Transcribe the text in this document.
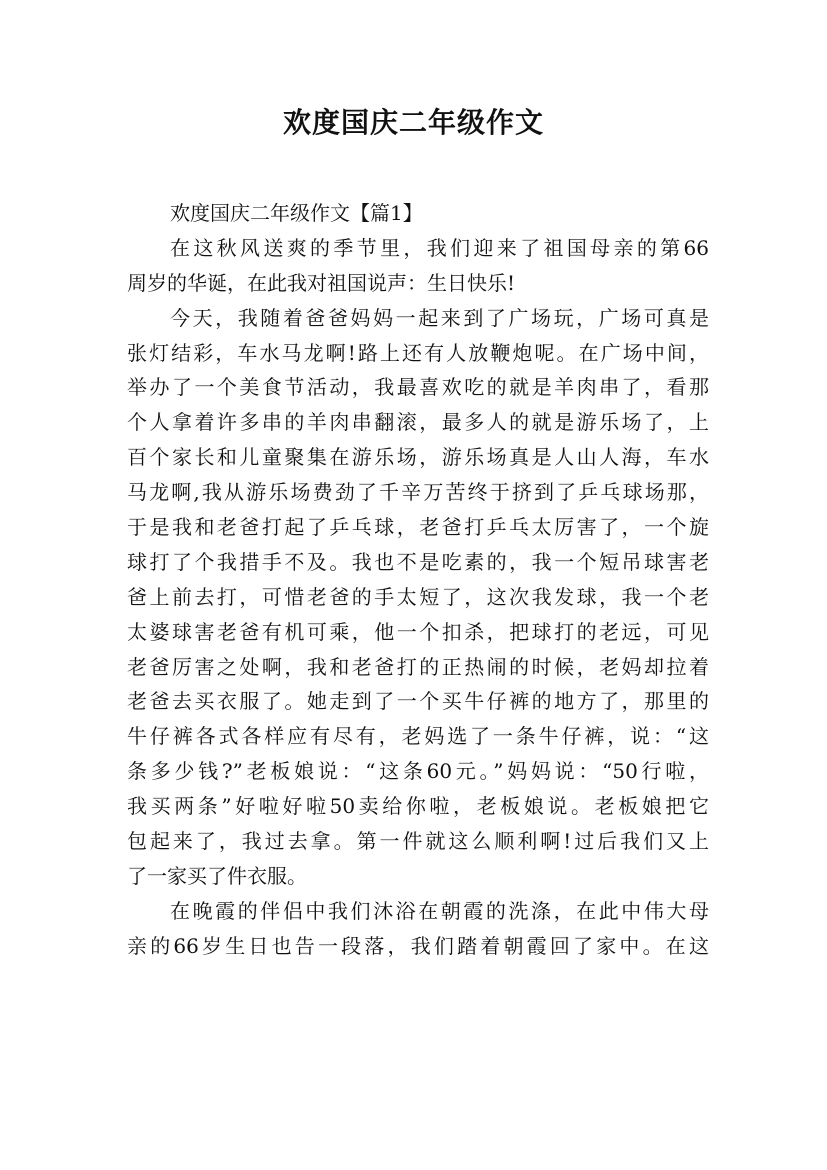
欢度国庆二年级作文
欢度国庆二年级作文【篇1】
在这秋风送爽的季节里，我们迎来了祖国母亲的第66
周岁的华诞，在此我对祖国说声：生日快乐!
今天，我随着爸爸妈妈一起来到了广场玩，广场可真是
张灯结彩，车水马龙啊!路上还有人放鞭炮呢。在广场中间，
举办了一个美食节活动，我最喜欢吃的就是羊肉串了，看那
个人拿着许多串的羊肉串翻滚，最多人的就是游乐场了，上
百个家长和儿童聚集在游乐场，游乐场真是人山人海，车水
马龙啊,我从游乐场费劲了千辛万苦终于挤到了乒乓球场那，
于是我和老爸打起了乒乓球，老爸打乒乓太厉害了，一个旋
球打了个我措手不及。我也不是吃素的，我一个短吊球害老
爸上前去打，可惜老爸的手太短了，这次我发球，我一个老
太婆球害老爸有机可乘，他一个扣杀，把球打的老远，可见
老爸厉害之处啊，我和老爸打的正热闹的时候，老妈却拉着
老爸去买衣服了。她走到了一个买牛仔裤的地方了，那里的
牛仔裤各式各样应有尽有，老妈选了一条牛仔裤，说：“这
条多少钱?”老板娘说：“这条60元。”妈妈说：“50行啦，
我买两条”好啦好啦50卖给你啦，老板娘说。老板娘把它
包起来了，我过去拿。第一件就这么顺利啊!过后我们又上
了一家买了件衣服。
在晚霞的伴侣中我们沐浴在朝霞的洗涤，在此中伟大母
亲的66岁生日也告一段落，我们踏着朝霞回了家中。在这
